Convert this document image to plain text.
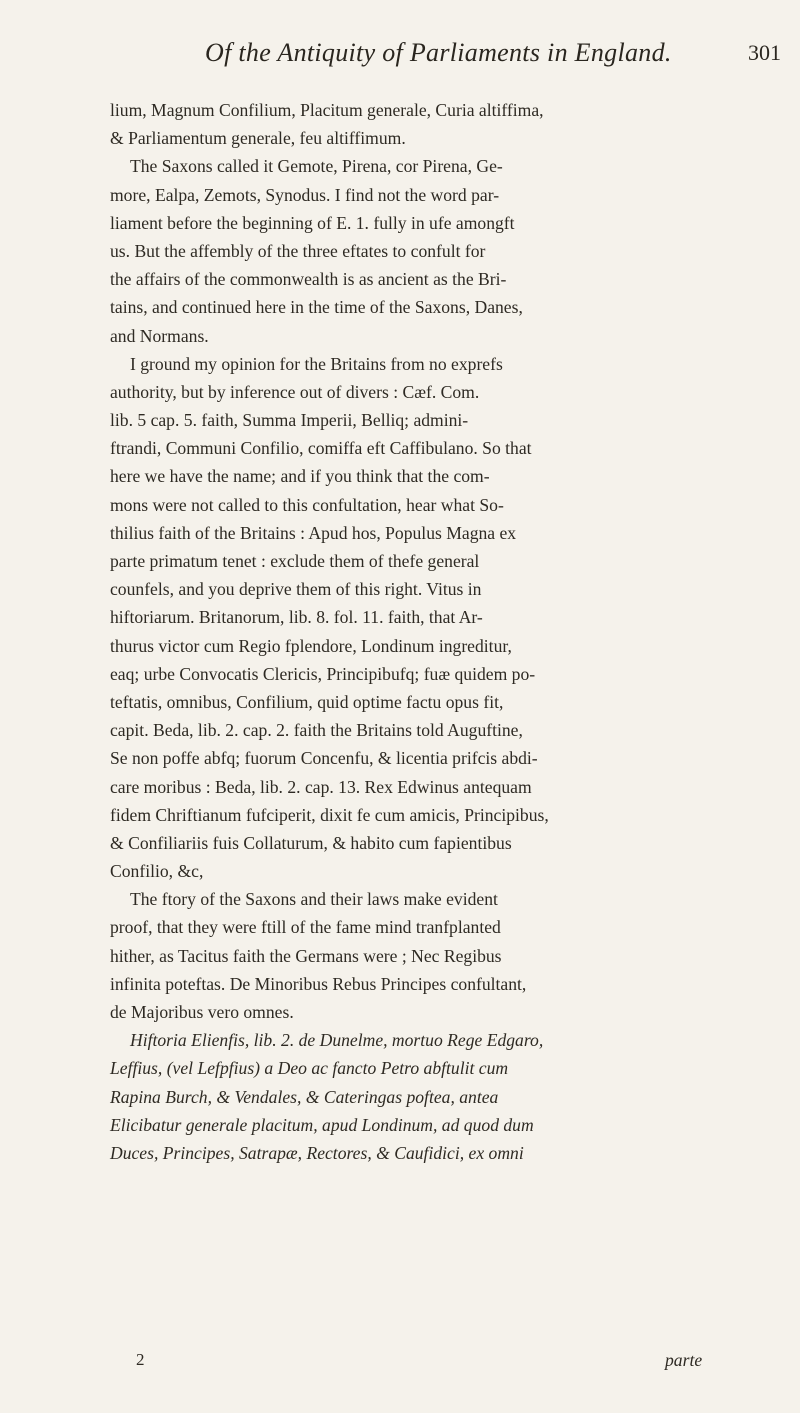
Of the Antiquity of Parliaments in England.	301
lium, Magnum Confilium, Placitum generale, Curia altiffima,
& Parliamentum generale, feu altiffimum.
The Saxons called it Gemote, Pirena, cor Pirena, Ge-
more, Ealpa, Zemots, Synodus. I find not the word par-
liament before the beginning of E. 1. fully in ufe amongft
us. But the affembly of the three eftates to confult for
the affairs of the commonwealth is as ancient as the Bri-
tains, and continued here in the time of the Saxons, Danes,
and Normans.
I ground my opinion for the Britains from no exprefs
authority, but by inference out of divers : Cæf. Com.
lib. 5 cap. 5. faith, Summa Imperii, Belliq; admini-
ftrandi, Communi Confilio, comiffa eft Caffibulano. So that
here we have the name; and if you think that the com-
mons were not called to this confultation, hear what So-
thilius faith of the Britains : Apud hos, Populus Magna ex
parte primatum tenet : exclude them of thefe general
counfels, and you deprive them of this right. Vitus in
hiftoriarum. Britanorum, lib. 8. fol. 11. faith, that Ar-
thurus victor cum Regio fplendore, Londinum ingreditur,
eaq; urbe Convocatis Clericis, Principibufq; fuæ quidem po-
teftatis, omnibus, Confilium, quid optime factu opus fit,
capit. Beda, lib. 2. cap. 2. faith the Britains told Auguftine,
Se non poffe abfq; fuorum Concenfu, & licentia prifcis abdi-
care moribus : Beda, lib. 2. cap. 13. Rex Edwinus antequam
fidem Chriftianum fufciperit, dixit fe cum amicis, Principibus,
& Confiliariis fuis Collaturum, & habito cum fapientibus
Confilio, &c,
The ftory of the Saxons and their laws make evident
proof, that they were ftill of the fame mind tranfplanted
hither, as Tacitus faith the Germans were ; Nec Regibus
infinita poteftas. De Minoribus Rebus Principes confultant,
de Majoribus vero omnes.
Hiftoria Elienfis, lib. 2. de Dunelme, mortuo Rege Edgaro,
Leffius, (vel Lefpfius) a Deo ac fancto Petro abftulit cum
Rapina Burch, & Vendales, & Cateringas poftea, antea
Elicibatur generale placitum, apud Londinum, ad quod dum
Duces, Principes, Satrapæ, Rectores, & Caufidici, ex omni
2	parte
